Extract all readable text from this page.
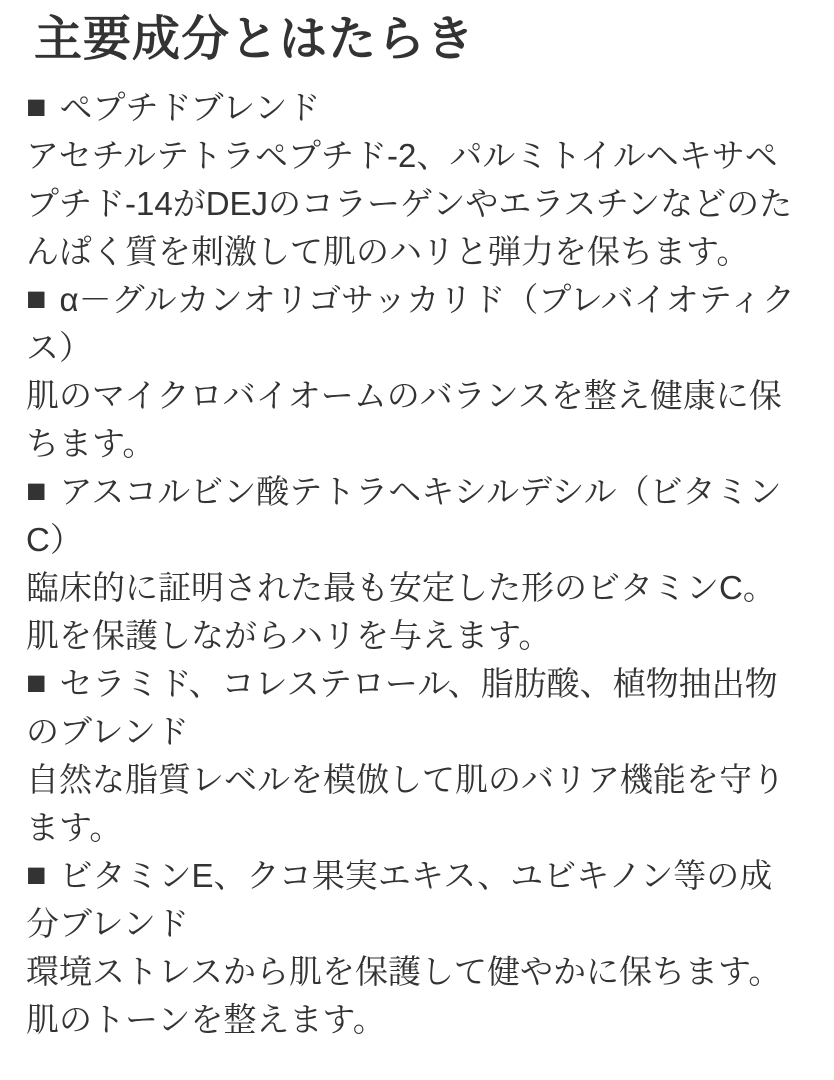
主要成分とはたらき

■ ペプチドブレンド

アセチルテトラペプチド-2、パルミトイルヘキサペプチド-14がDEJのコラーゲンやエラスチンなどのたんぱく質を刺激して肌のハリと弾力を保ちます。

■ α－グルカンオリゴサッカリド（プレバイオティクス）

肌のマイクロバイオームのバランスを整え健康に保ちます。

■ アスコルビン酸テトラヘキシルデシル（ビタミンC）

臨床的に証明された最も安定した形のビタミンC。肌を保護しながらハリを与えます。

■ セラミド、コレステロール、脂肪酸、植物抽出物のブレンド

自然な脂質レベルを模倣して肌のバリア機能を守ります。

■ ビタミンE、クコ果実エキス、ユビキノン等の成分ブレンド

環境ストレスから肌を保護して健やかに保ちます。肌のトーンを整えます。
